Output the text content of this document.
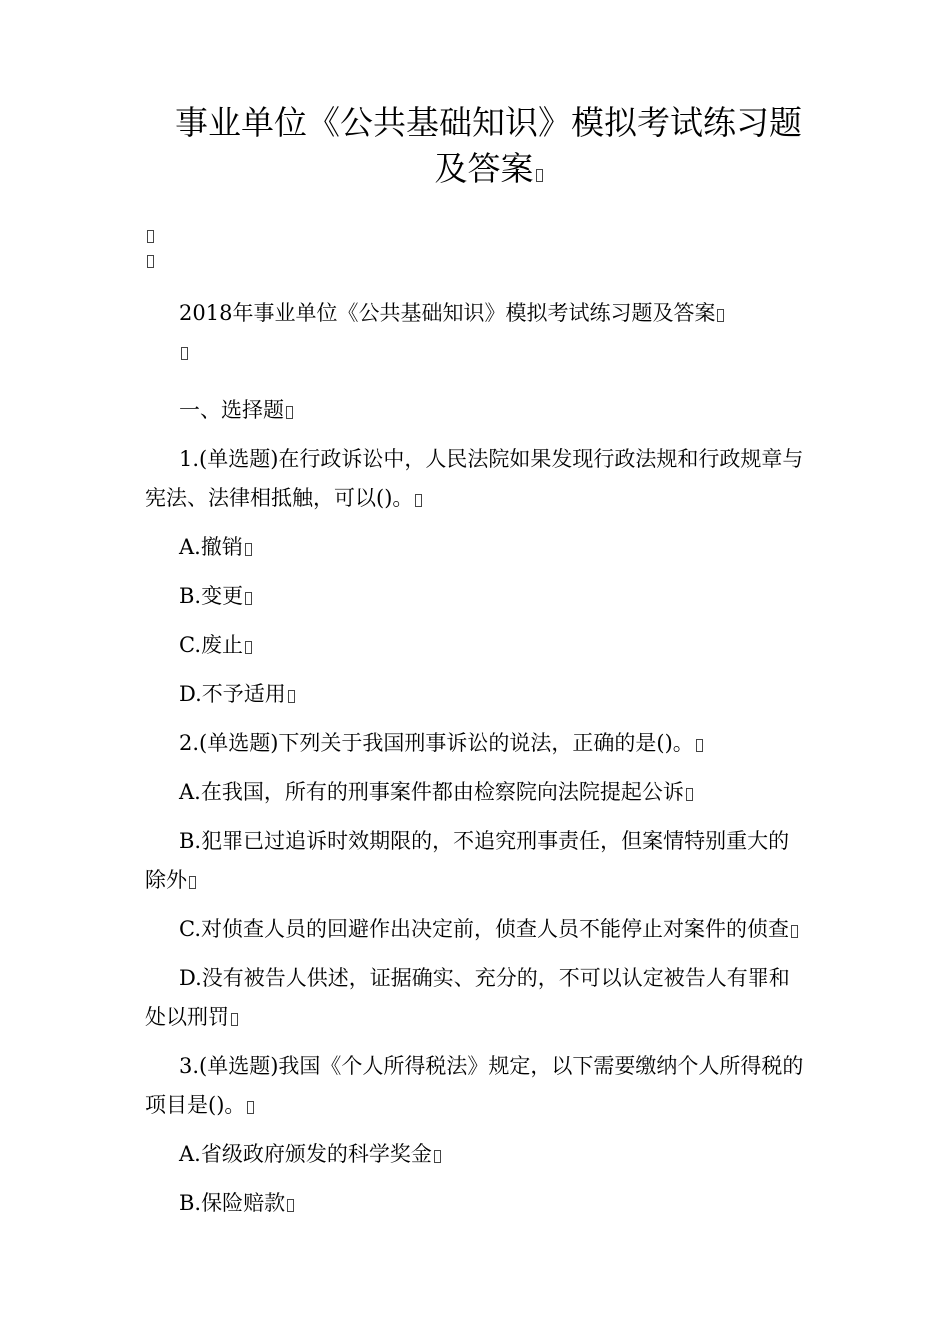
事业单位《公共基础知识》模拟考试练习题及答案

2018年事业单位《公共基础知识》模拟考试练习题及答案

一、选择题

1.(单选题)在行政诉讼中，人民法院如果发现行政法规和行政规章与宪法、法律相抵触，可以()。

A.撤销

B.变更

C.废止

D.不予适用

2.(单选题)下列关于我国刑事诉讼的说法，正确的是()。

A.在我国，所有的刑事案件都由检察院向法院提起公诉

B.犯罪已过追诉时效期限的，不追究刑事责任，但案情特别重大的除外

C.对侦查人员的回避作出决定前，侦查人员不能停止对案件的侦查

D.没有被告人供述，证据确实、充分的，不可以认定被告人有罪和处以刑罚

3.(单选题)我国《个人所得税法》规定，以下需要缴纳个人所得税的项目是()。

A.省级政府颁发的科学奖金

B.保险赔款
